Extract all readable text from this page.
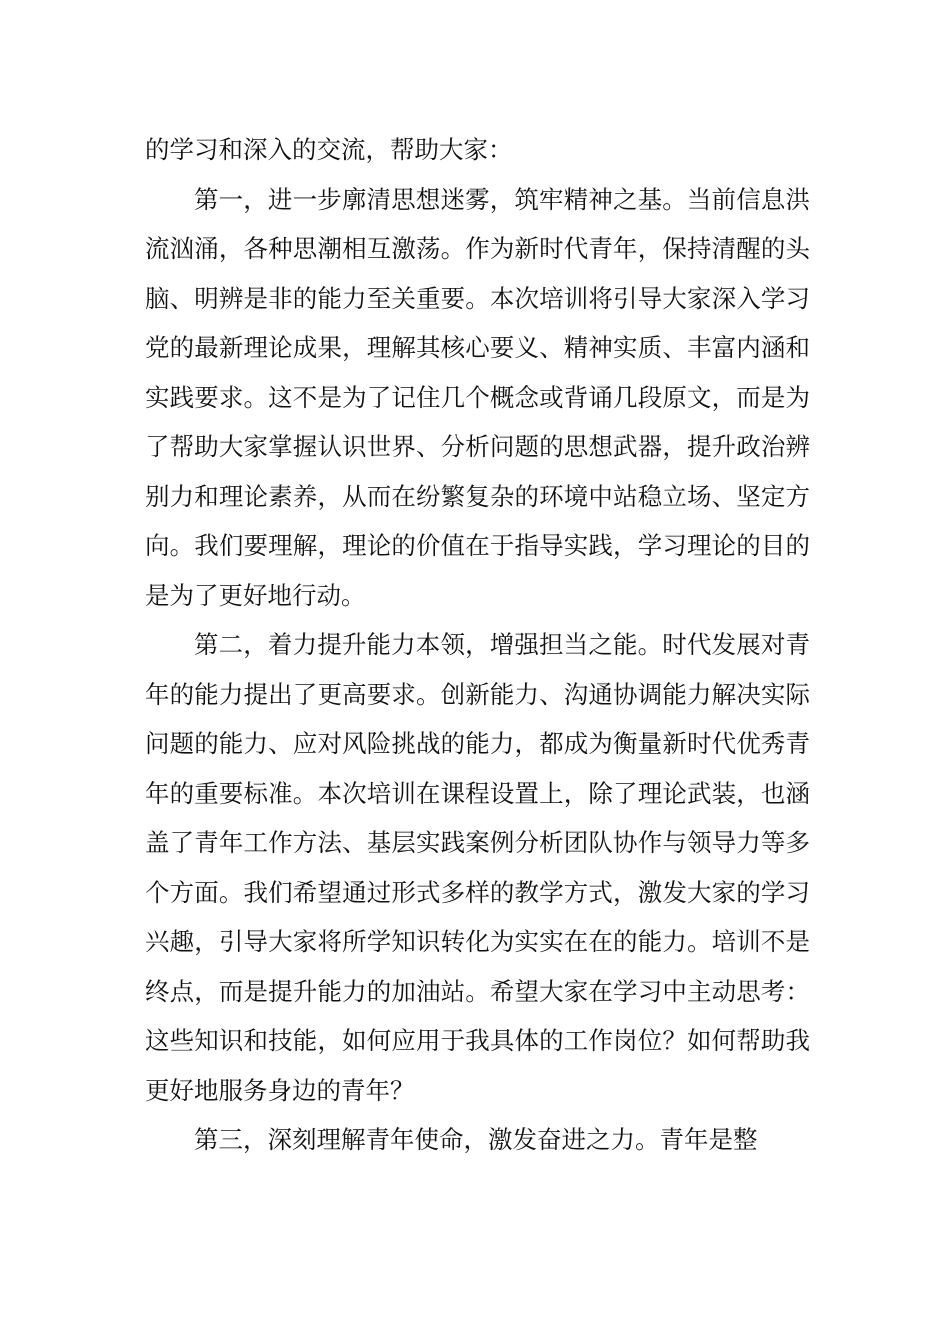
的学习和深入的交流，帮助大家：

第一，进一步廓清思想迷雾，筑牢精神之基。当前信息洪流汹涌，各种思潮相互激荡。作为新时代青年，保持清醒的头脑、明辨是非的能力至关重要。本次培训将引导大家深入学习党的最新理论成果，理解其核心要义、精神实质、丰富内涵和实践要求。这不是为了记住几个概念或背诵几段原文，而是为了帮助大家掌握认识世界、分析问题的思想武器，提升政治辨别力和理论素养，从而在纷繁复杂的环境中站稳立场、坚定方向。我们要理解，理论的价值在于指导实践，学习理论的目的是为了更好地行动。

第二，着力提升能力本领，增强担当之能。时代发展对青年的能力提出了更高要求。创新能力、沟通协调能力解决实际问题的能力、应对风险挑战的能力，都成为衡量新时代优秀青年的重要标准。本次培训在课程设置上，除了理论武装，也涵盖了青年工作方法、基层实践案例分析团队协作与领导力等多个方面。我们希望通过形式多样的教学方式，激发大家的学习兴趣，引导大家将所学知识转化为实实在在的能力。培训不是终点，而是提升能力的加油站。希望大家在学习中主动思考：这些知识和技能，如何应用于我具体的工作岗位？如何帮助我更好地服务身边的青年？

第三，深刻理解青年使命，激发奋进之力。青年是整
